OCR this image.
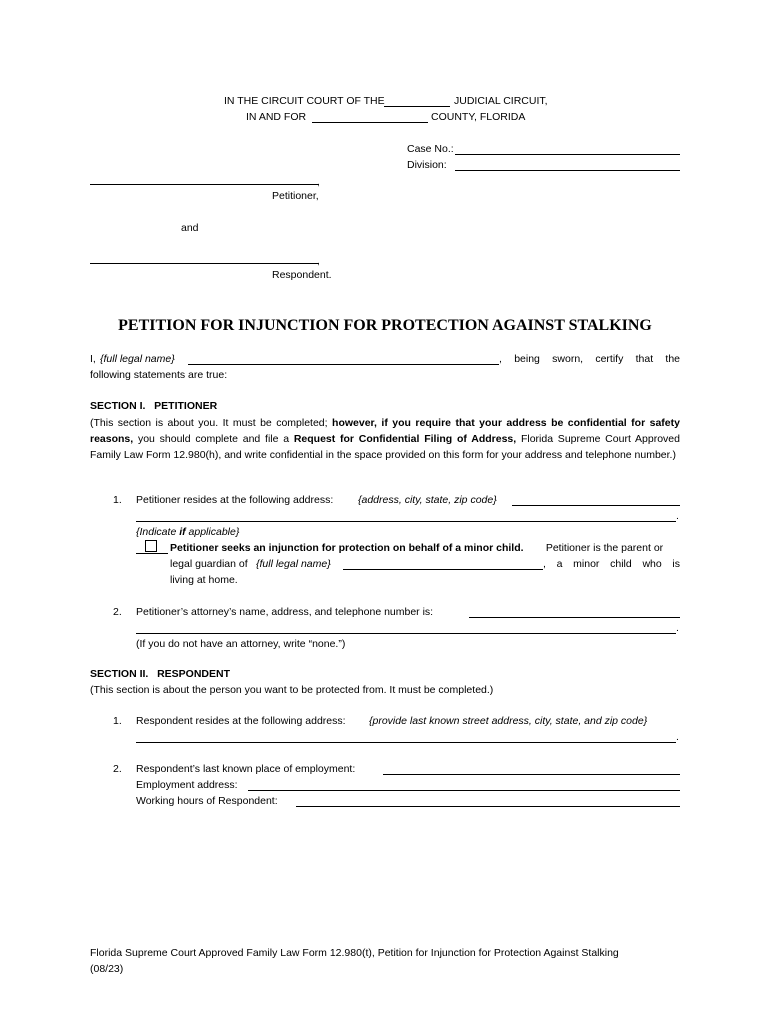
IN THE CIRCUIT COURT OF THE	JUDICIAL CIRCUIT,
IN AND FOR	COUNTY, FLORIDA
Case No.:
Division:
,
Petitioner,
and
,
Respondent.
PETITION FOR INJUNCTION FOR PROTECTION AGAINST STALKING
I, {full legal name}	, being sworn, certify that the
following statements are true:
SECTION I.   PETITIONER
(This section is about you. It must be completed; however, if you require that your address be confidential for safety reasons, you should complete and file a Request for Confidential Filing of Address, Florida Supreme Court Approved Family Law Form 12.980(h), and write confidential in the space provided on this form for your address and telephone number.)
1. Petitioner resides at the following address: {address, city, state, zip code}
.
{Indicate if applicable}
Petitioner seeks an injunction for protection on behalf of a minor child. Petitioner is the parent or
legal guardian of {full legal name}	, a minor child who is
living at home.
2. Petitioner’s attorney’s name, address, and telephone number is:
.
(If you do not have an attorney, write “none.”)
SECTION II.   RESPONDENT
(This section is about the person you want to be protected from. It must be completed.)
1. Respondent resides at the following address: {provide last known street address, city, state, and zip code}
.
2. Respondent’s last known place of employment:
Employment address:
Working hours of Respondent:
Florida Supreme Court Approved Family Law Form 12.980(t), Petition for Injunction for Protection Against Stalking
(08/23)
